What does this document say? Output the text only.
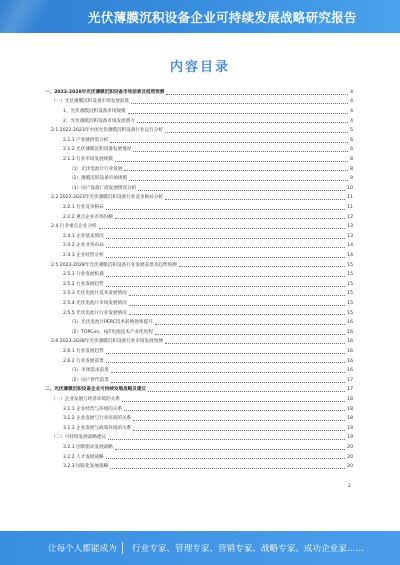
光伏薄膜沉积设备企业可持续发展战略研究报告
内容目录
一、2023-2028年光伏薄膜沉积设备市场前景及趋势预测	4
（一）光伏薄膜沉积设备市场发展前景	4
1、光伏薄膜沉积设备市场规模	4
2、光伏薄膜沉积设备市场发展潜力	4
2.1 2022-2023年中国光伏薄膜沉积设备行业运行分析	5
2.1.1 产业链供需分析	6
2.1.2 光伏薄膜沉积设备发展情况	6
2.1.3 行业市场发展规模	8
（1）光伏电池片行业发展	8
（2）薄膜沉积设备市场规模	9
（3）国产设备厂商发展情况分析	10
2.2 2022-2023年光伏薄膜沉积设备行业竞争格局分析	11
2.2.1 行业竞争格局	11
2.2.2 重点企业市场份额	12
2.4 行业重点企业分析	13
2.4.1 企业基本情况	13
2.4.2 企业业务布局	14
2.4.3 企业经营分析	14
2.5 2023-2028年光伏薄膜沉积设备行业发展前景及趋势预测	15
2.5.1 行业发展机遇	15
2.5.2 行业发展趋势	15
2.5.3 光伏电池片技术发展情况	15
2.5.4 光伏电池片市场发展情况	15
2.5.5 光伏电池片行业发展情况	15
（1）光伏电池片PERC技术转换效率提升	16
（2）TOPCon、HJT电池技术产业化进程	16
2.6 2023-2028年光伏薄膜沉积设备行业市场发展预测	16
2.6.1 行业发展趋势	16
2.6.2 行业发展前景	16
（1）市场需求前景	16
（2）国产替代前景	17
二、光伏薄膜沉积设备企业可持续发展战略及建议	17
（一）企业发展与经济环境的关系	18
3.1.1 企业经营与环境的关系	18
3.1.2 企业发展与行业环境的关系	18
3.1.3 企业发展与政策环境的关系	19
（二）可持续发展战略建议	19
3.2.1 创新驱动发展战略	20
3.2.2 人才发展战略	20
3.2.3 国际化发展战略	20
2
让每个人都能成为 行业专家、管理专家、营销专家、战略专家、成功企业家……
